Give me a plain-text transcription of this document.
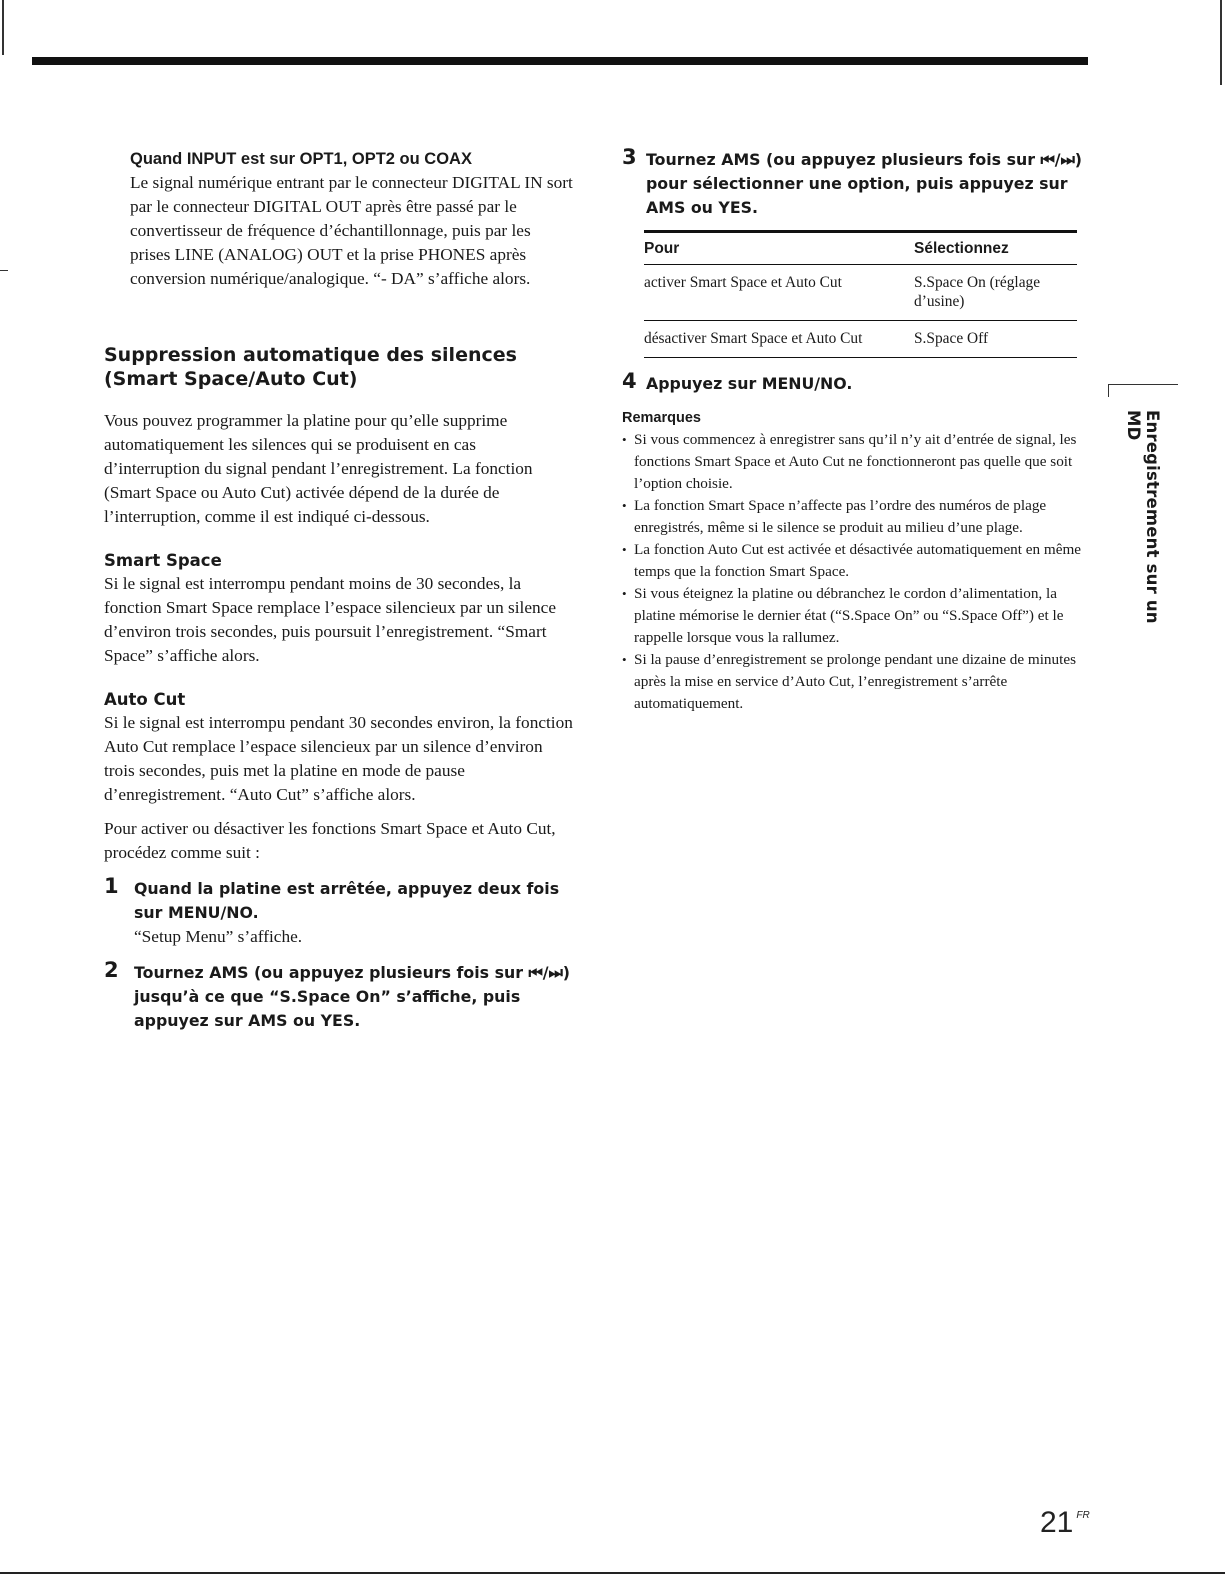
Quand INPUT est sur OPT1, OPT2 ou COAX

Le signal numérique entrant par le connecteur DIGITAL IN sort par le connecteur DIGITAL OUT après être passé par le convertisseur de fréquence d’échantillonnage, puis par les prises LINE (ANALOG) OUT et la prise PHONES après conversion numérique/analogique. “- DA” s’affiche alors.

Suppression automatique des silences (Smart Space/Auto Cut)

Vous pouvez programmer la platine pour qu’elle supprime automatiquement les silences qui se produisent en cas d’interruption du signal pendant l’enregistrement. La fonction (Smart Space ou Auto Cut) activée dépend de la durée de l’interruption, comme il est indiqué ci-dessous.

Smart Space

Si le signal est interrompu pendant moins de 30 secondes, la fonction Smart Space remplace l’espace silencieux par un silence d’environ trois secondes, puis poursuit l’enregistrement. “Smart Space” s’affiche alors.

Auto Cut

Si le signal est interrompu pendant 30 secondes environ, la fonction Auto Cut remplace l’espace silencieux par un silence d’environ trois secondes, puis met la platine en mode de pause d’enregistrement. “Auto Cut” s’affiche alors.

Pour activer ou désactiver les fonctions Smart Space et Auto Cut, procédez comme suit :

1 Quand la platine est arrêtée, appuyez deux fois sur MENU/NO.

“Setup Menu” s’affiche.

2 Tournez AMS (ou appuyez plusieurs fois sur ⏮/⏭) jusqu’à ce que “S.Space On” s’affiche, puis appuyez sur AMS ou YES.

3 Tournez AMS (ou appuyez plusieurs fois sur ⏮/⏭) pour sélectionner une option, puis appuyez sur AMS ou YES.

Pour	Sélectionnez
activer Smart Space et Auto Cut	S.Space On (réglage d’usine)
désactiver Smart Space et Auto Cut	S.Space Off
4 Appuyez sur MENU/NO.

Remarques
• Si vous commencez à enregistrer sans qu’il n’y ait d’entrée de signal, les fonctions Smart Space et Auto Cut ne fonctionneront pas quelle que soit l’option choisie.
• La fonction Smart Space n’affecte pas l’ordre des numéros de plage enregistrés, même si le silence se produit au milieu d’une plage.
• La fonction Auto Cut est activée et désactivée automatiquement en même temps que la fonction Smart Space.
• Si vous éteignez la platine ou débranchez le cordon d’alimentation, la platine mémorise le dernier état (“S.Space On” ou “S.Space Off”) et le rappelle lorsque vous la rallumez.
• Si la pause d’enregistrement se prolonge pendant une dizaine de minutes après la mise en service d’Auto Cut, l’enregistrement s’arrête automatiquement.
Enregistrement sur un MD
21 $^{FR}$
